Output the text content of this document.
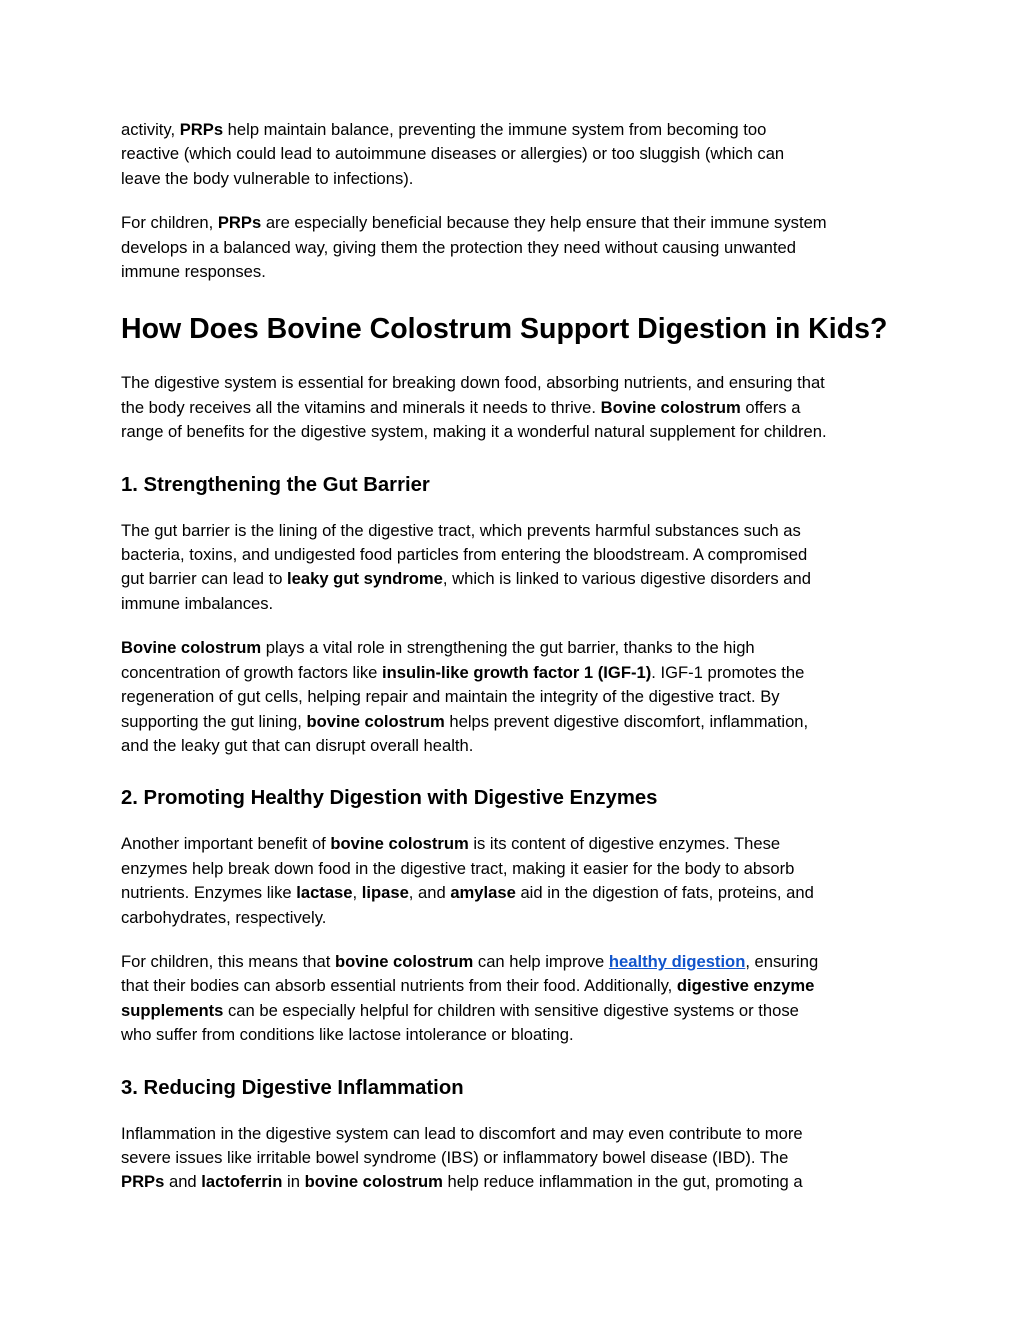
activity, PRPs help maintain balance, preventing the immune system from becoming too
reactive (which could lead to autoimmune diseases or allergies) or too sluggish (which can
leave the body vulnerable to infections).

For children, PRPs are especially beneficial because they help ensure that their immune system
develops in a balanced way, giving them the protection they need without causing unwanted
immune responses.

How Does Bovine Colostrum Support Digestion in Kids?

The digestive system is essential for breaking down food, absorbing nutrients, and ensuring that
the body receives all the vitamins and minerals it needs to thrive. Bovine colostrum offers a
range of benefits for the digestive system, making it a wonderful natural supplement for children.

1. Strengthening the Gut Barrier

The gut barrier is the lining of the digestive tract, which prevents harmful substances such as
bacteria, toxins, and undigested food particles from entering the bloodstream. A compromised
gut barrier can lead to leaky gut syndrome, which is linked to various digestive disorders and
immune imbalances.

Bovine colostrum plays a vital role in strengthening the gut barrier, thanks to the high
concentration of growth factors like insulin-like growth factor 1 (IGF-1). IGF-1 promotes the
regeneration of gut cells, helping repair and maintain the integrity of the digestive tract. By
supporting the gut lining, bovine colostrum helps prevent digestive discomfort, inflammation,
and the leaky gut that can disrupt overall health.

2. Promoting Healthy Digestion with Digestive Enzymes

Another important benefit of bovine colostrum is its content of digestive enzymes. These
enzymes help break down food in the digestive tract, making it easier for the body to absorb
nutrients. Enzymes like lactase, lipase, and amylase aid in the digestion of fats, proteins, and
carbohydrates, respectively.

For children, this means that bovine colostrum can help improve healthy digestion, ensuring
that their bodies can absorb essential nutrients from their food. Additionally, digestive enzyme
supplements can be especially helpful for children with sensitive digestive systems or those
who suffer from conditions like lactose intolerance or bloating.

3. Reducing Digestive Inflammation

Inflammation in the digestive system can lead to discomfort and may even contribute to more
severe issues like irritable bowel syndrome (IBS) or inflammatory bowel disease (IBD). The
PRPs and lactoferrin in bovine colostrum help reduce inflammation in the gut, promoting a
